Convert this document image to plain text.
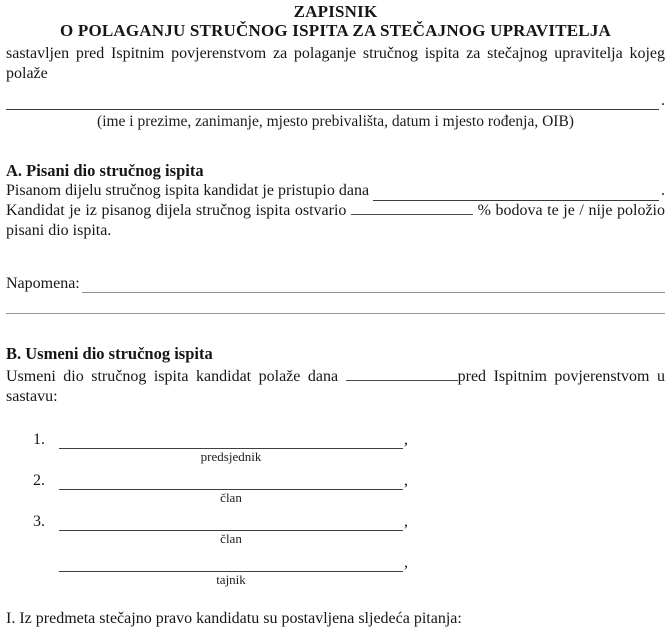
ZAPISNIK
O POLAGANJU STRUČNOG ISPITA ZA STEČAJNOG UPRAVITELJA
sastavljen pred Ispitnim povjerenstvom za polaganje stručnog ispita za stečajnog upravitelja kojeg polaže
.
(ime i prezime, zanimanje, mjesto prebivališta, datum i mjesto rođenja, OIB)
A. Pisani dio stručnog ispita
Pisanom dijelu stručnog ispita kandidat je pristupio dana	.
Kandidat je iz pisanog dijela stručnog ispita ostvario	% bodova te je / nije položio pisani dio ispita.
Napomena:
B. Usmeni dio stručnog ispita
Usmeni dio stručnog ispita kandidat polaže dana	pred Ispitnim povjerenstvom u sastavu:
1.	,
predsjednik
2.	,
član
3.	,
član
,
tajnik
I. Iz predmeta stečajno pravo kandidatu su postavljena sljedeća pitanja:
